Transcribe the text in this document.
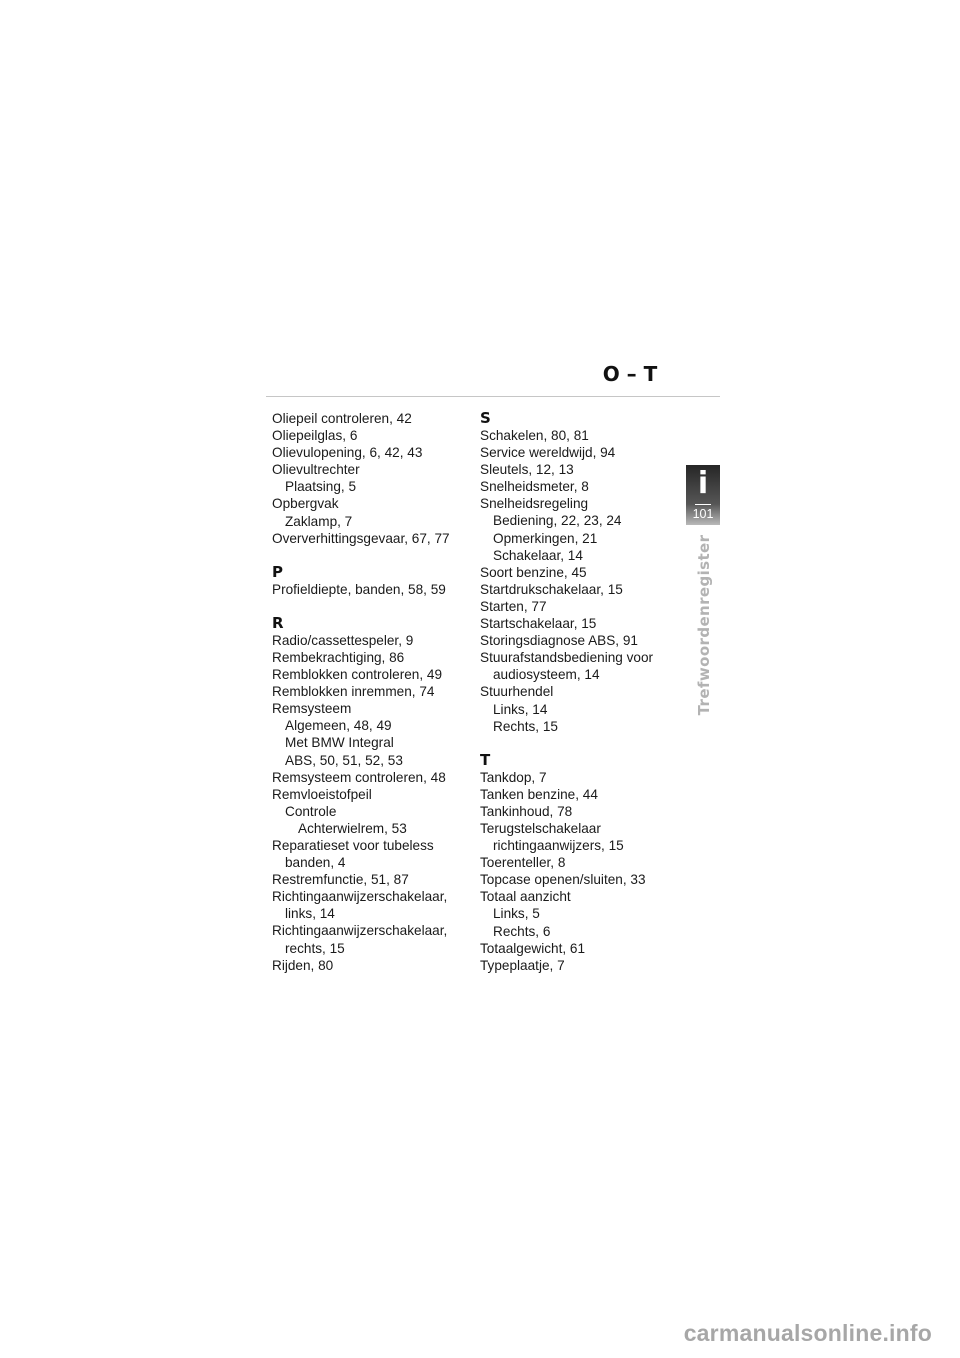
O – T
Oliepeil controleren, 42
Oliepeilglas, 6
Olievulopening, 6, 42, 43
Olievultrechter
Plaatsing, 5
Opbergvak
Zaklamp, 7
Oververhittingsgevaar, 67, 77
P
Profieldiepte, banden, 58, 59
R
Radio/cassettespeler, 9
Rembekrachtiging, 86
Remblokken controleren, 49
Remblokken inremmen, 74
Remsysteem
Algemeen, 48, 49
Met BMW Integral
ABS, 50, 51, 52, 53
Remsysteem controleren, 48
Remvloeistofpeil
Controle
Achterwielrem, 53
Reparatieset voor tubeless
banden, 4
Restremfunctie, 51, 87
Richtingaanwijzerschakelaar,
links, 14
Richtingaanwijzerschakelaar,
rechts, 15
Rijden, 80
S
Schakelen, 80, 81
Service wereldwijd, 94
Sleutels, 12, 13
Snelheidsmeter, 8
Snelheidsregeling
Bediening, 22, 23, 24
Opmerkingen, 21
Schakelaar, 14
Soort benzine, 45
Startdrukschakelaar, 15
Starten, 77
Startschakelaar, 15
Storingsdiagnose ABS, 91
Stuurafstandsbediening voor
audiosysteem, 14
Stuurhendel
Links, 14
Rechts, 15
T
Tankdop, 7
Tanken benzine, 44
Tankinhoud, 78
Terugstelschakelaar
richtingaanwijzers, 15
Toerenteller, 8
Topcase openen/sluiten, 33
Totaal aanzicht
Links, 5
Rechts, 6
Totaalgewicht, 61
Typeplaatje, 7
i
101
Trefwoordenregister
carmanualsonline.info
